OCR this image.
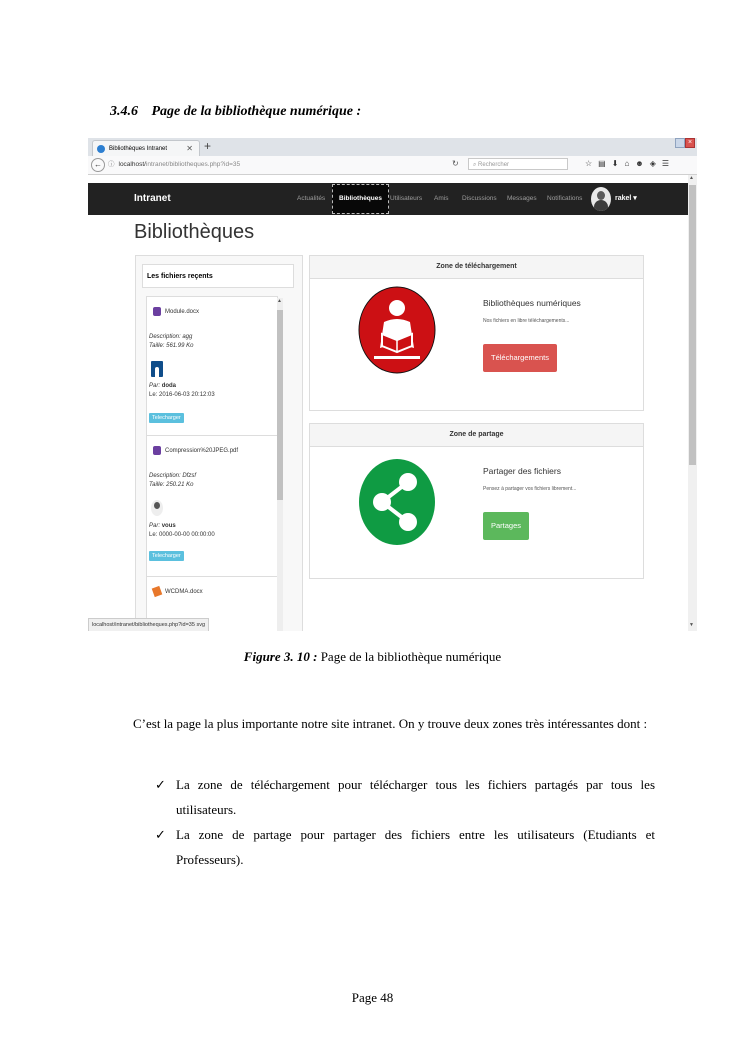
3.4.6 Page de la bibliothèque numérique :
Bibliothèques Intranet ✕ +	×
← ⓘ localhost/intranet/bibliotheques.php?id=35	↻	⌕ Rechercher	☆▤⬇⌂☻◈☰
Intranet	Actualités	Bibliothèques	Utilisateurs Amis Discussions Messages Notifications	rakel ▾
Bibliothèques
Les fichiers reçents
Module.docx
Description: agg
Taille: 561.99 Ko
Par: doda
Le: 2016-06-03 20:12:03
Telecharger
Compression%20JPEG.pdf
Description: Dfzsf
Taille: 250.21 Ko
Par: vous
Le: 0000-00-00 00:00:00
Telecharger
WCDMA.docx
▲
Zone de téléchargement
Bibliothèques numériques
Nos fichiers en libre téléchargements...
Téléchargements
Zone de partage
Partager des fichiers
Pensez à partager vos fichiers librement...
Partages
▲
▼
localhost/intranet/bibliotheques.php?id=35 svg
Figure 3. 10 : Page de la bibliothèque numérique
C’est la page la plus importante notre site intranet. On y trouve deux zones très intéressantes dont :
✓ La zone de téléchargement pour télécharger tous les fichiers partagés par tous les utilisateurs.
✓ La zone de partage pour partager des fichiers entre les utilisateurs (Etudiants et Professeurs).
Page 48
